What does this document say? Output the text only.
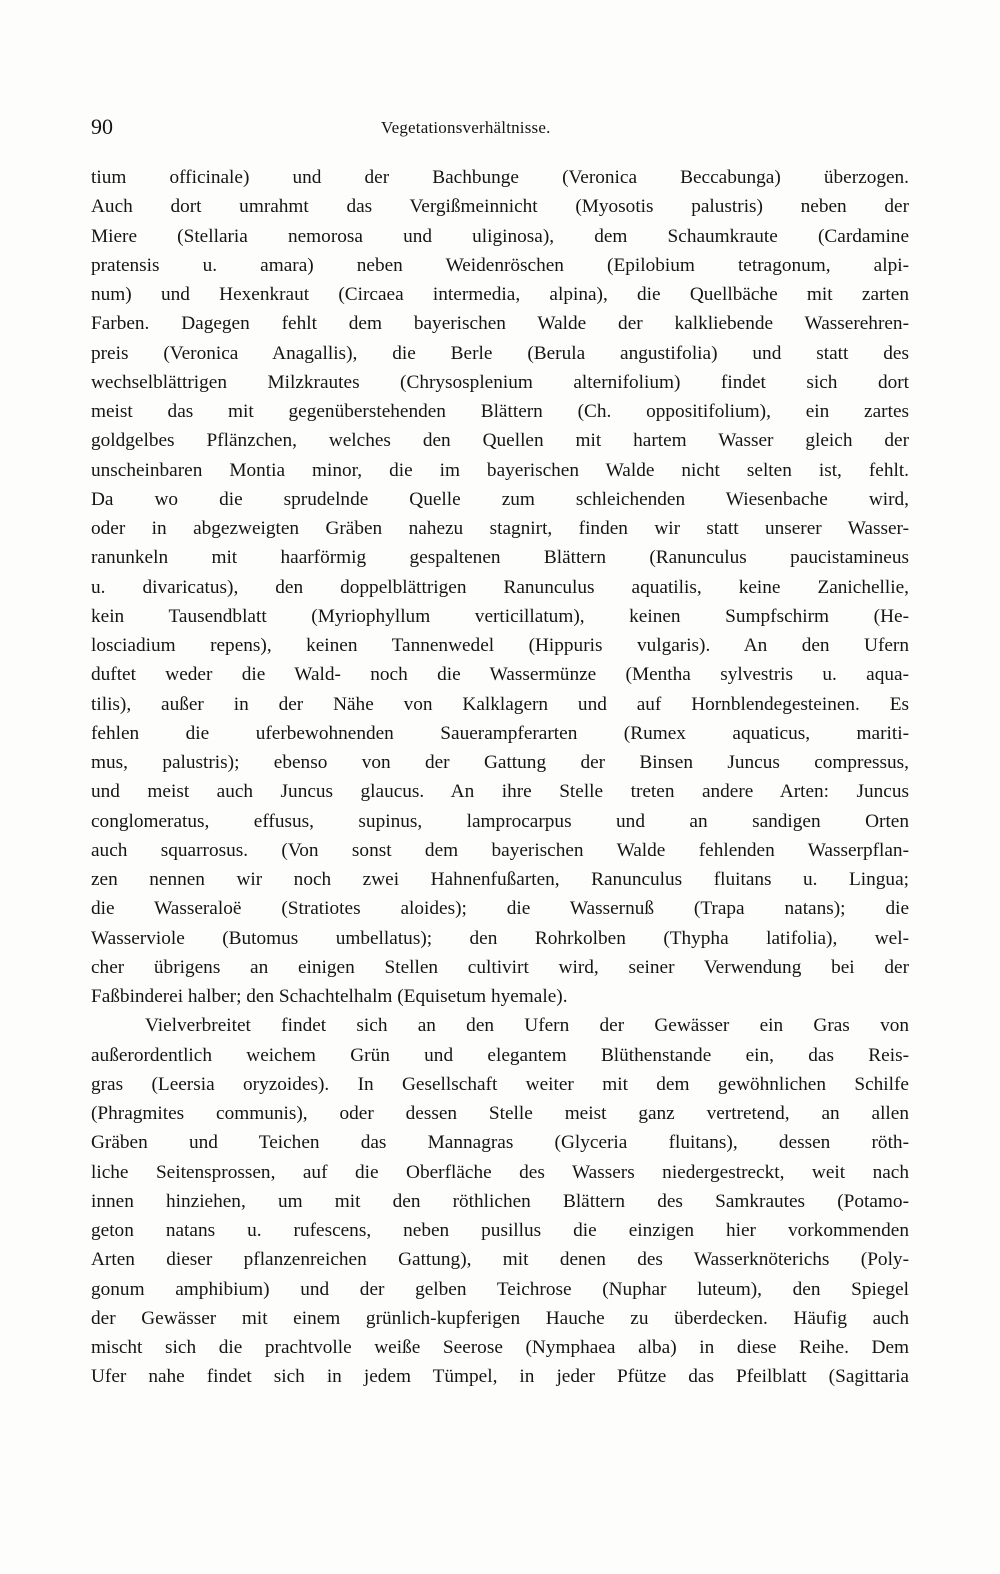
90	Vegetationsverhältnisse.
tium officinale) und der Bachbunge (Veronica Beccabunga) überzogen.
Auch dort umrahmt das Vergißmeinnicht (Myosotis palustris) neben der
Miere (Stellaria nemorosa und uliginosa), dem Schaumkraute (Cardamine
pratensis u. amara) neben Weidenröschen (Epilobium tetragonum, alpi-
num) und Hexenkraut (Circaea intermedia, alpina), die Quellbäche mit zarten
Farben. Dagegen fehlt dem bayerischen Walde der kalkliebende Wasserehren-
preis (Veronica Anagallis), die Berle (Berula angustifolia) und statt des
wechselblättrigen Milzkrautes (Chrysosplenium alternifolium) findet sich dort
meist das mit gegenüberstehenden Blättern (Ch. oppositifolium), ein zartes
goldgelbes Pflänzchen, welches den Quellen mit hartem Wasser gleich der
unscheinbaren Montia minor, die im bayerischen Walde nicht selten ist, fehlt.
Da wo die sprudelnde Quelle zum schleichenden Wiesenbache wird,
oder in abgezweigten Gräben nahezu stagnirt, finden wir statt unserer Wasser-
ranunkeln mit haarförmig gespaltenen Blättern (Ranunculus paucistamineus
u. divaricatus), den doppelblättrigen Ranunculus aquatilis, keine Zanichellie,
kein Tausendblatt (Myriophyllum verticillatum), keinen Sumpfschirm (He-
losciadium repens), keinen Tannenwedel (Hippuris vulgaris). An den Ufern
duftet weder die Wald- noch die Wassermünze (Mentha sylvestris u. aqua-
tilis), außer in der Nähe von Kalklagern und auf Hornblendegesteinen. Es
fehlen die uferbewohnenden Sauerampferarten (Rumex aquaticus, mariti-
mus, palustris); ebenso von der Gattung der Binsen Juncus compressus,
und meist auch Juncus glaucus. An ihre Stelle treten andere Arten: Juncus
conglomeratus, effusus, supinus, lamprocarpus und an sandigen Orten
auch squarrosus. (Von sonst dem bayerischen Walde fehlenden Wasserpflan-
zen nennen wir noch zwei Hahnenfußarten, Ranunculus fluitans u. Lingua;
die Wasseraloë (Stratiotes aloides); die Wassernuß (Trapa natans); die
Wasserviole (Butomus umbellatus); den Rohrkolben (Thypha latifolia), wel-
cher übrigens an einigen Stellen cultivirt wird, seiner Verwendung bei der
Faßbinderei halber; den Schachtelhalm (Equisetum hyemale).
Vielverbreitet findet sich an den Ufern der Gewässer ein Gras von
außerordentlich weichem Grün und elegantem Blüthenstande ein, das Reis-
gras (Leersia oryzoides). In Gesellschaft weiter mit dem gewöhnlichen Schilfe
(Phragmites communis), oder dessen Stelle meist ganz vertretend, an allen
Gräben und Teichen das Mannagras (Glyceria fluitans), dessen röth-
liche Seitensprossen, auf die Oberfläche des Wassers niedergestreckt, weit nach
innen hinziehen, um mit den röthlichen Blättern des Samkrautes (Potamo-
geton natans u. rufescens, neben pusillus die einzigen hier vorkommenden
Arten dieser pflanzenreichen Gattung), mit denen des Wasserknöterichs (Poly-
gonum amphibium) und der gelben Teichrose (Nuphar luteum), den Spiegel
der Gewässer mit einem grünlich-kupferigen Hauche zu überdecken. Häufig auch
mischt sich die prachtvolle weiße Seerose (Nymphaea alba) in diese Reihe. Dem
Ufer nahe findet sich in jedem Tümpel, in jeder Pfütze das Pfeilblatt (Sagittaria
